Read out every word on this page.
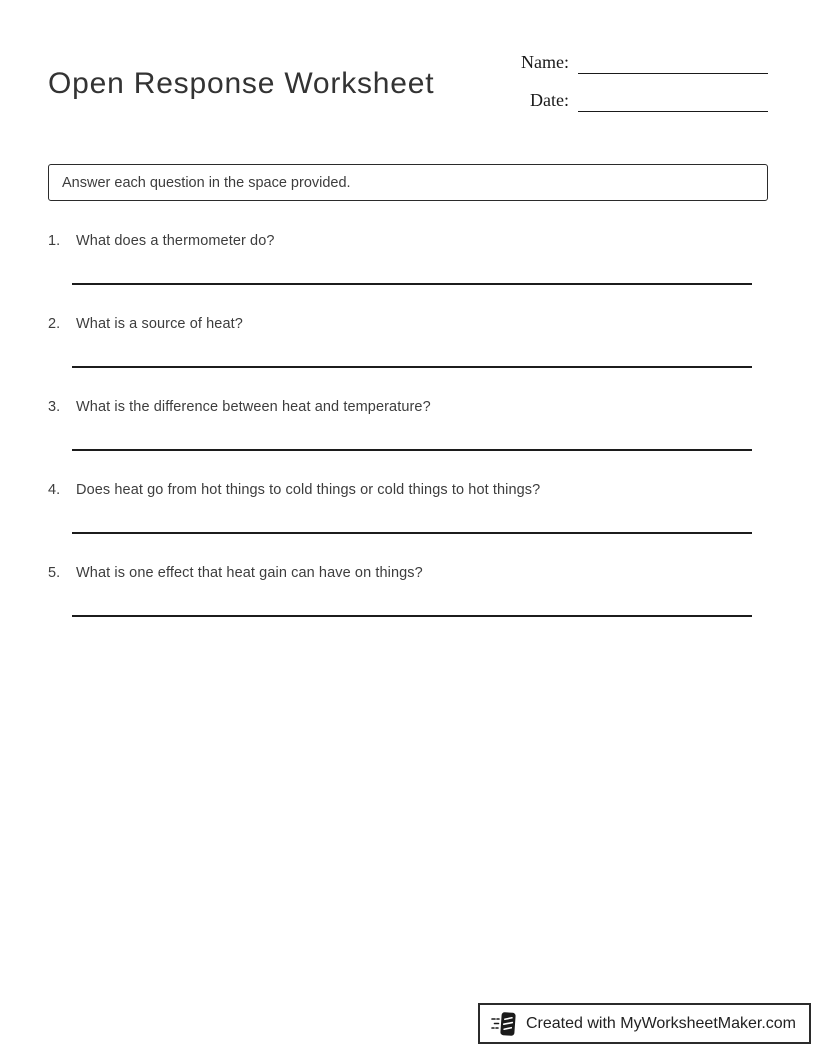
Open Response Worksheet
Name:
Date:
Answer each question in the space provided.
1.	What does a thermometer do?
2.	What is a source of heat?
3.	What is the difference between heat and temperature?
4.	Does heat go from hot things to cold things or cold things to hot things?
5.	What is one effect that heat gain can have on things?
Created with MyWorksheetMaker.com
